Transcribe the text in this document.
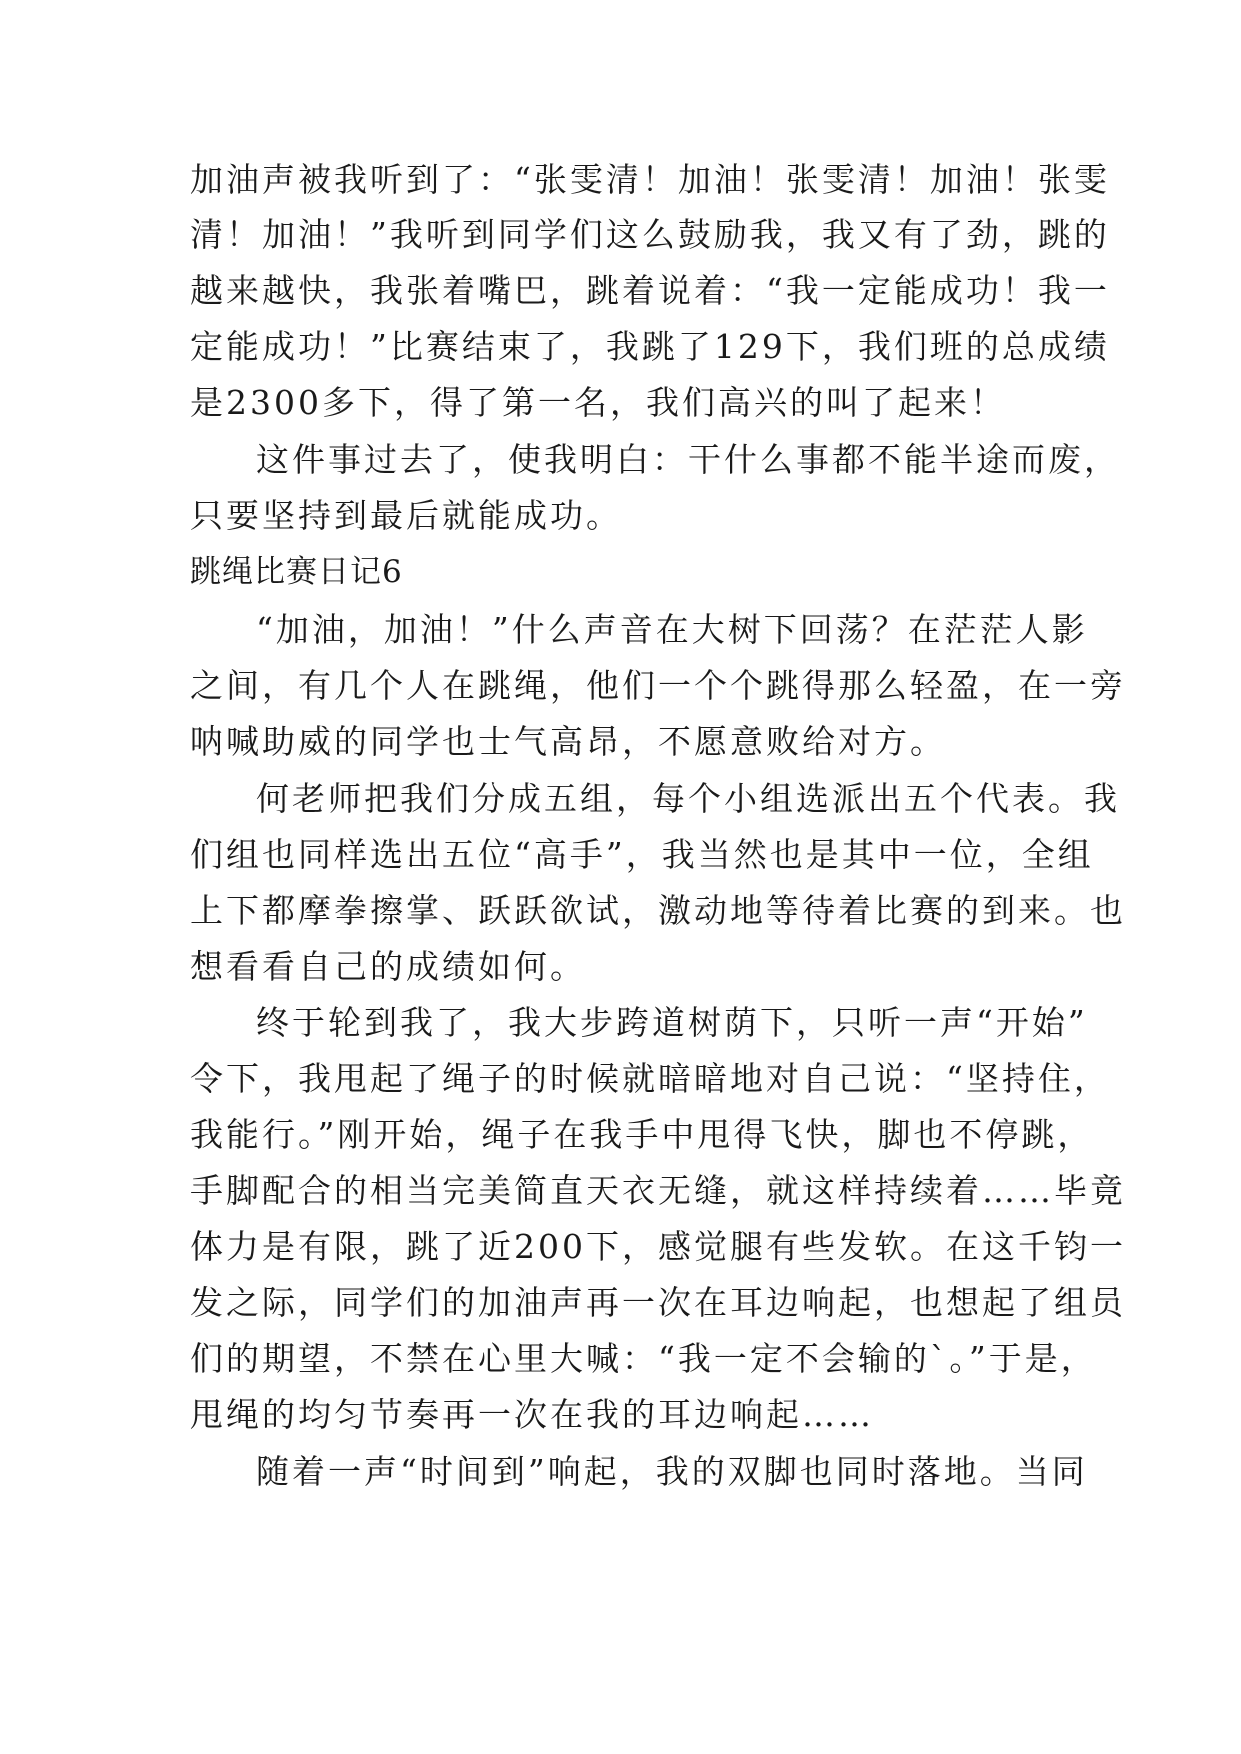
加油声被我听到了：“张雯清！加油！张雯清！加油！张雯
清！加油！”我听到同学们这么鼓励我，我又有了劲，跳的
越来越快，我张着嘴巴，跳着说着：“我一定能成功！我一
定能成功！”比赛结束了，我跳了129下，我们班的总成绩
是2300多下，得了第一名，我们高兴的叫了起来！
这件事过去了，使我明白：干什么事都不能半途而废，
只要坚持到最后就能成功。
跳绳比赛日记6
“加油，加油！”什么声音在大树下回荡？在茫茫人影
之间，有几个人在跳绳，他们一个个跳得那么轻盈，在一旁
呐喊助威的同学也士气高昂，不愿意败给对方。
何老师把我们分成五组，每个小组选派出五个代表。我
们组也同样选出五位“高手”，我当然也是其中一位，全组
上下都摩拳擦掌、跃跃欲试，激动地等待着比赛的到来。也
想看看自己的成绩如何。
终于轮到我了，我大步跨道树荫下，只听一声“开始”
令下，我甩起了绳子的时候就暗暗地对自己说：“坚持住，
我能行。”刚开始，绳子在我手中甩得飞快，脚也不停跳，
手脚配合的相当完美简直天衣无缝，就这样持续着……毕竟
体力是有限，跳了近200下，感觉腿有些发软。在这千钧一
发之际，同学们的加油声再一次在耳边响起，也想起了组员
们的期望，不禁在心里大喊：“我一定不会输的`。”于是，
甩绳的均匀节奏再一次在我的耳边响起……
随着一声“时间到”响起，我的双脚也同时落地。当同
